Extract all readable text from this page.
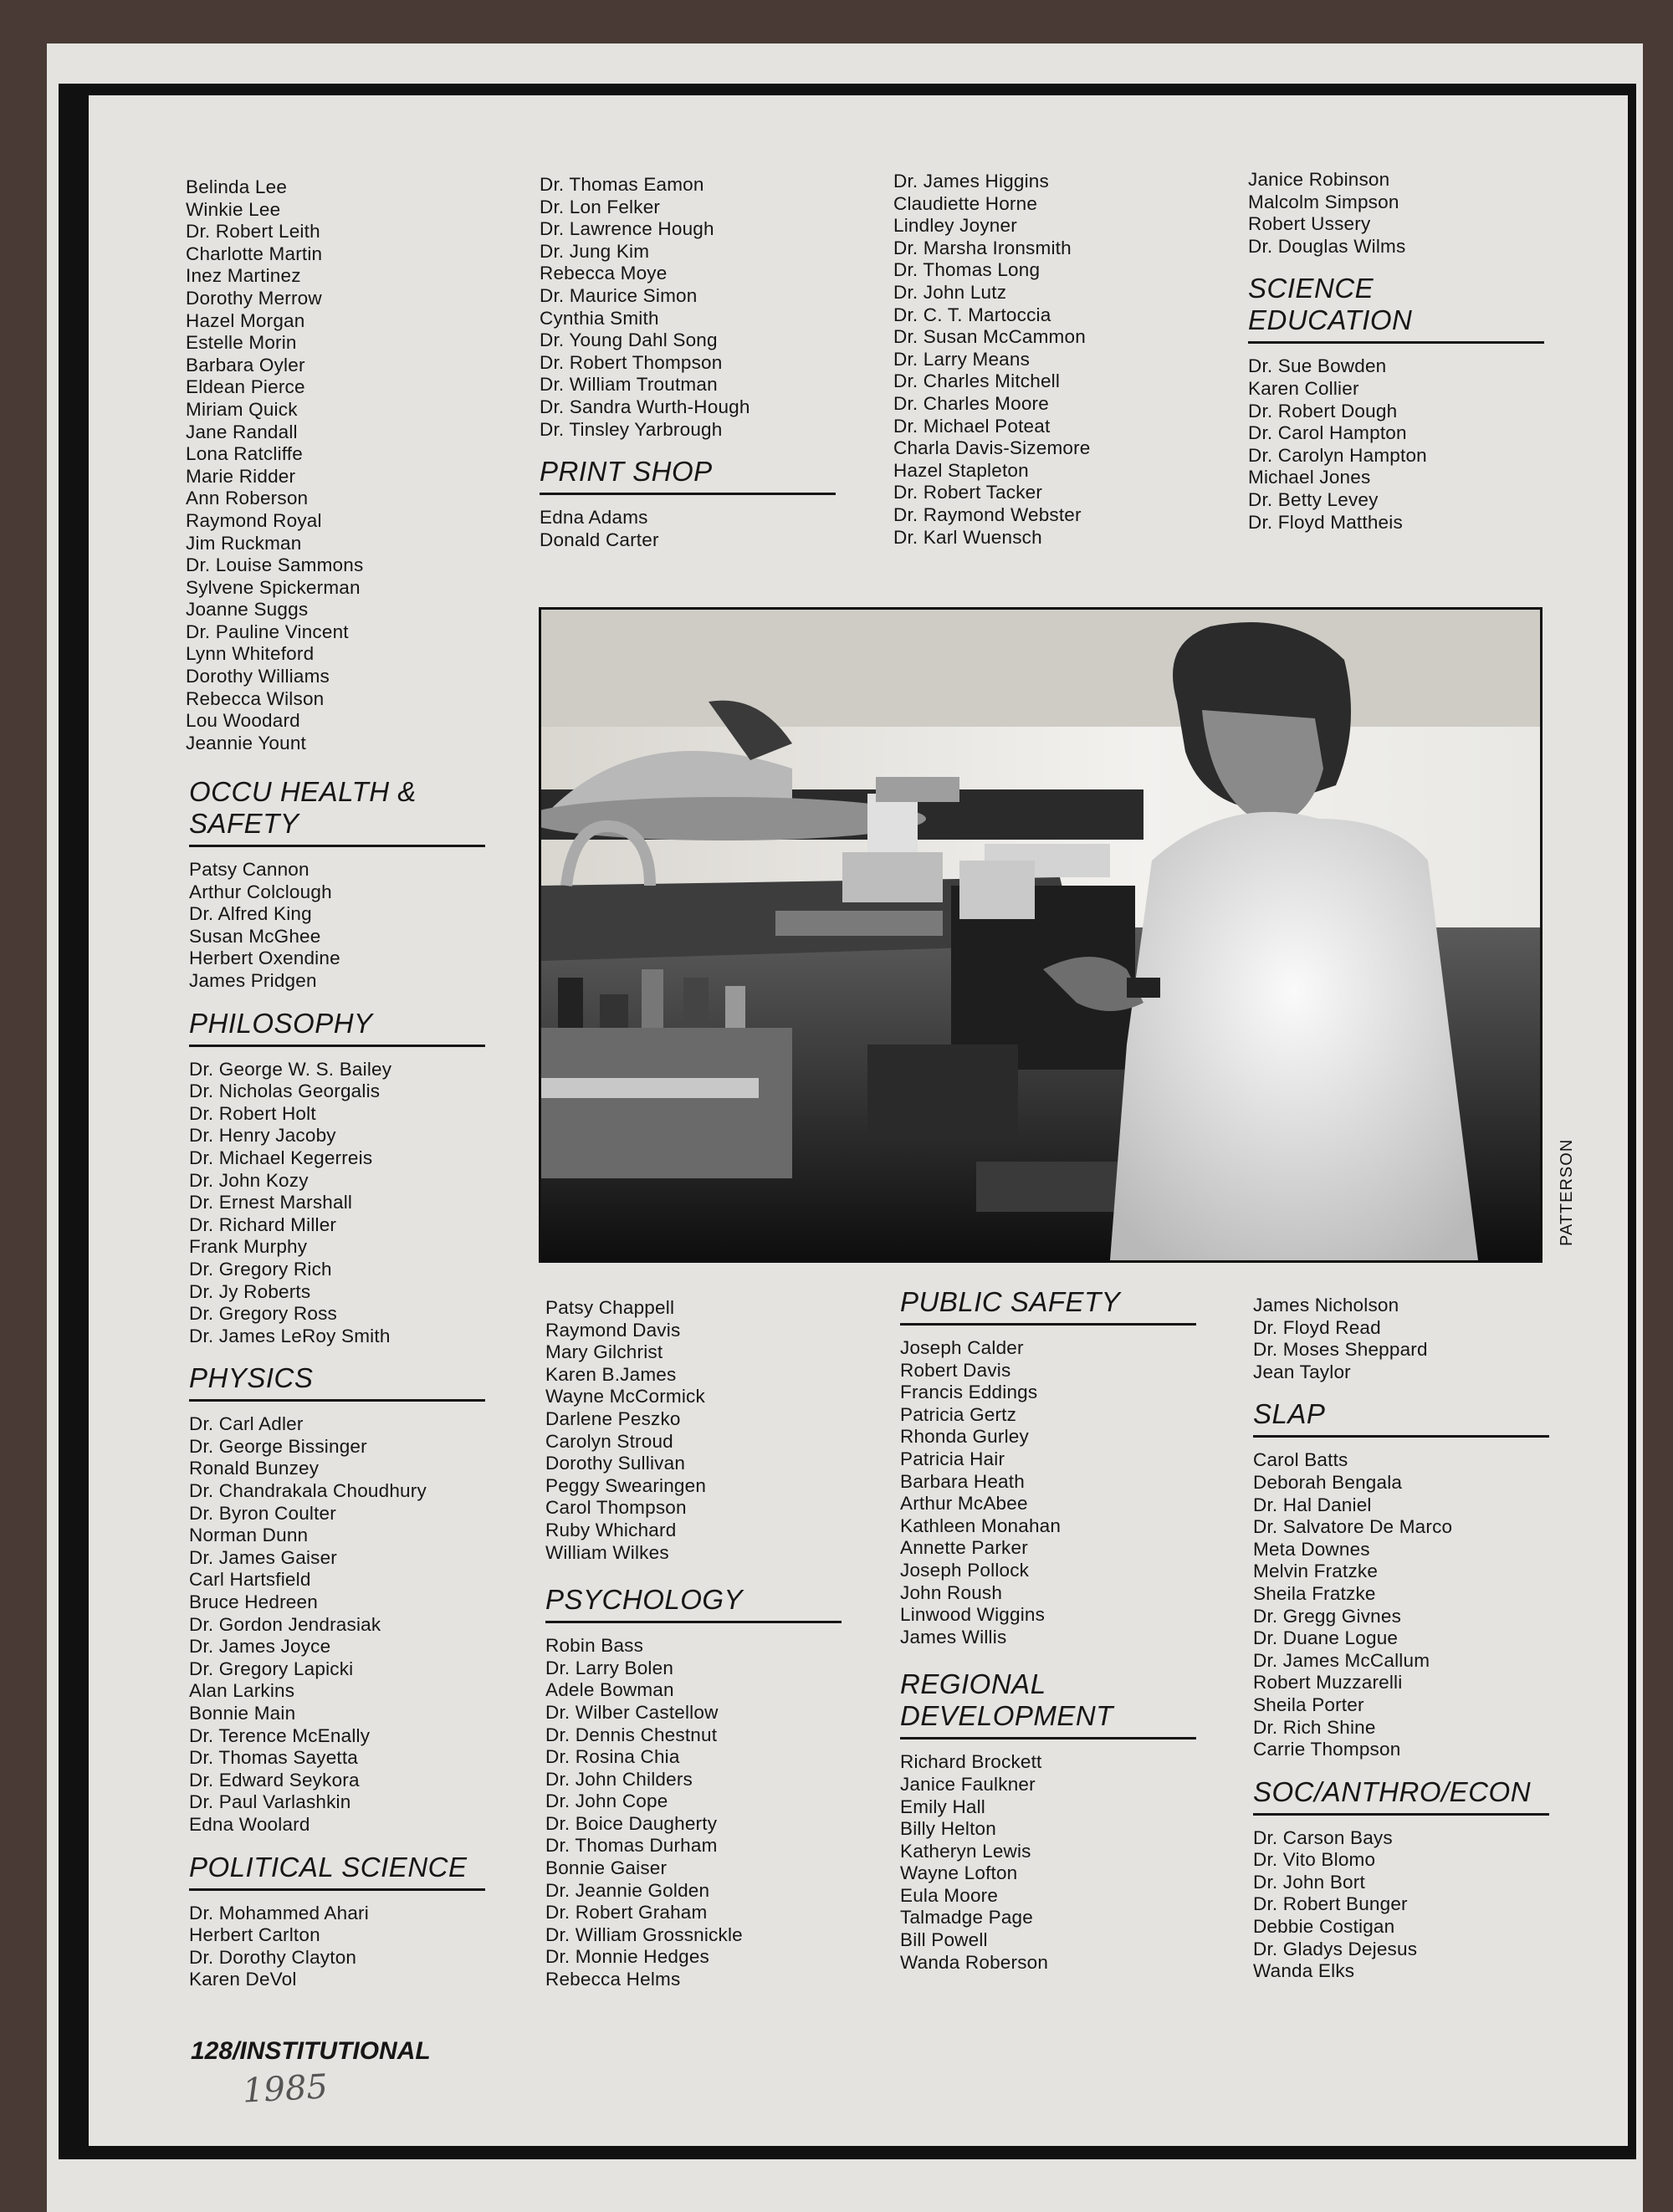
Belinda Lee
Winkie Lee
Dr. Robert Leith
Charlotte Martin
Inez Martinez
Dorothy Merrow
Hazel Morgan
Estelle Morin
Barbara Oyler
Eldean Pierce
Miriam Quick
Jane Randall
Lona Ratcliffe
Marie Ridder
Ann Roberson
Raymond Royal
Jim Ruckman
Dr. Louise Sammons
Sylvene Spickerman
Joanne Suggs
Dr. Pauline Vincent
Lynn Whiteford
Dorothy Williams
Rebecca Wilson
Lou Woodard
Jeannie Yount
OCCU HEALTH &
SAFETY
Patsy Cannon
Arthur Colclough
Dr. Alfred King
Susan McGhee
Herbert Oxendine
James Pridgen
PHILOSOPHY
Dr. George W. S. Bailey
Dr. Nicholas Georgalis
Dr. Robert Holt
Dr. Henry Jacoby
Dr. Michael Kegerreis
Dr. John Kozy
Dr. Ernest Marshall
Dr. Richard Miller
Frank Murphy
Dr. Gregory Rich
Dr. Jy Roberts
Dr. Gregory Ross
Dr. James LeRoy Smith
PHYSICS
Dr. Carl Adler
Dr. George Bissinger
Ronald Bunzey
Dr. Chandrakala Choudhury
Dr. Byron Coulter
Norman Dunn
Dr. James Gaiser
Carl Hartsfield
Bruce Hedreen
Dr. Gordon Jendrasiak
Dr. James Joyce
Dr. Gregory Lapicki
Alan Larkins
Bonnie Main
Dr. Terence McEnally
Dr. Thomas Sayetta
Dr. Edward Seykora
Dr. Paul Varlashkin
Edna Woolard
POLITICAL SCIENCE
Dr. Mohammed Ahari
Herbert Carlton
Dr. Dorothy Clayton
Karen DeVol
Dr. Thomas Eamon
Dr. Lon Felker
Dr. Lawrence Hough
Dr. Jung Kim
Rebecca Moye
Dr. Maurice Simon
Cynthia Smith
Dr. Young Dahl Song
Dr. Robert Thompson
Dr. William Troutman
Dr. Sandra Wurth-Hough
Dr. Tinsley Yarbrough
PRINT SHOP
Edna Adams
Donald Carter
Dr. James Higgins
Claudiette Horne
Lindley Joyner
Dr. Marsha Ironsmith
Dr. Thomas Long
Dr. John Lutz
Dr. C. T. Martoccia
Dr. Susan McCammon
Dr. Larry Means
Dr. Charles Mitchell
Dr. Charles Moore
Dr. Michael Poteat
Charla Davis-Sizemore
Hazel Stapleton
Dr. Robert Tacker
Dr. Raymond Webster
Dr. Karl Wuensch
Janice Robinson
Malcolm Simpson
Robert Ussery
Dr. Douglas Wilms
SCIENCE
EDUCATION
Dr. Sue Bowden
Karen Collier
Dr. Robert Dough
Dr. Carol Hampton
Dr. Carolyn Hampton
Michael Jones
Dr. Betty Levey
Dr. Floyd Mattheis
PATTERSON
Patsy Chappell
Raymond Davis
Mary Gilchrist
Karen B.James
Wayne McCormick
Darlene Peszko
Carolyn Stroud
Dorothy Sullivan
Peggy Swearingen
Carol Thompson
Ruby Whichard
William Wilkes
PSYCHOLOGY
Robin Bass
Dr. Larry Bolen
Adele Bowman
Dr. Wilber Castellow
Dr. Dennis Chestnut
Dr. Rosina Chia
Dr. John Childers
Dr. John Cope
Dr. Boice Daugherty
Dr. Thomas Durham
Bonnie Gaiser
Dr. Jeannie Golden
Dr. Robert Graham
Dr. William Grossnickle
Dr. Monnie Hedges
Rebecca Helms
PUBLIC SAFETY
Joseph Calder
Robert Davis
Francis Eddings
Patricia Gertz
Rhonda Gurley
Patricia Hair
Barbara Heath
Arthur McAbee
Kathleen Monahan
Annette Parker
Joseph Pollock
John Roush
Linwood Wiggins
James Willis
REGIONAL
DEVELOPMENT
Richard Brockett
Janice Faulkner
Emily Hall
Billy Helton
Katheryn Lewis
Wayne Lofton
Eula Moore
Talmadge Page
Bill Powell
Wanda Roberson
James Nicholson
Dr. Floyd Read
Dr. Moses Sheppard
Jean Taylor
SLAP
Carol Batts
Deborah Bengala
Dr. Hal Daniel
Dr. Salvatore De Marco
Meta Downes
Melvin Fratzke
Sheila Fratzke
Dr. Gregg Givnes
Dr. Duane Logue
Dr. James McCallum
Robert Muzzarelli
Sheila Porter
Dr. Rich Shine
Carrie Thompson
SOC/ANTHRO/ECON
Dr. Carson Bays
Dr. Vito Blomo
Dr. John Bort
Dr. Robert Bunger
Debbie Costigan
Dr. Gladys Dejesus
Wanda Elks
128/INSTITUTIONAL
1985
